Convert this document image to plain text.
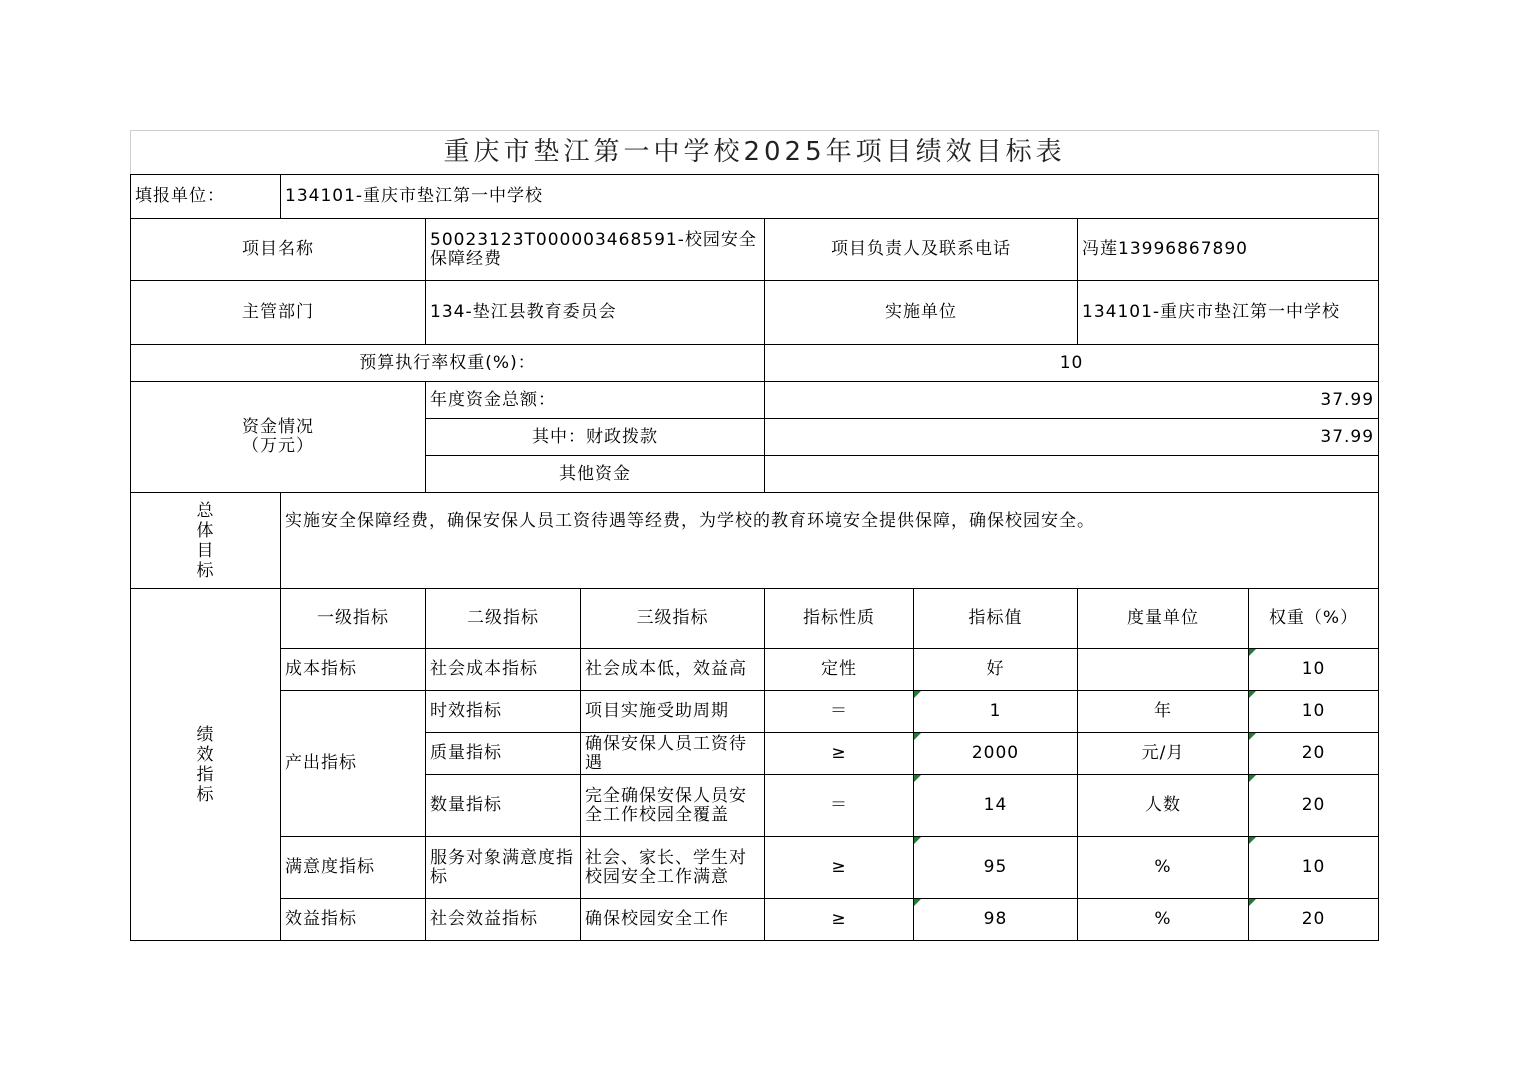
重庆市垫江第一中学校2025年项目绩效目标表							
填报单位：	134101-重庆市垫江第一中学校						
项目名称		50023123T000003468591-校园安全保障经费		项目负责人及联系电话		冯莲13996867890	
主管部门		134-垫江县教育委员会		实施单位		134101-重庆市垫江第一中学校	
预算执行率权重(%)：				10			

资金情况
（万元）		年度资金总额：		37.99			
		其中：财政拨款		37.99			
		其他资金					

总
体
目
标	实施安全保障经费，确保安保人员工资待遇等经费，为学校的教育环境安全提供保障，确保校园安全。						

绩
效
指
标	一级指标	二级指标	三级指标	指标性质	指标值	度量单位	权重（%）
	成本指标	社会成本指标	社会成本低，效益高	定性	好		10
	产出指标	时效指标	项目实施受助周期	＝	1	年	10
		质量指标	确保安保人员工资待遇	≥	2000	元/月	20
		数量指标	完全确保安保人员安全工作校园全覆盖	＝	14	人数	20
	满意度指标	服务对象满意度指标	社会、家长、学生对校园安全工作满意	≥	95	%	10
	效益指标	社会效益指标	确保校园安全工作	≥	98	%	20
